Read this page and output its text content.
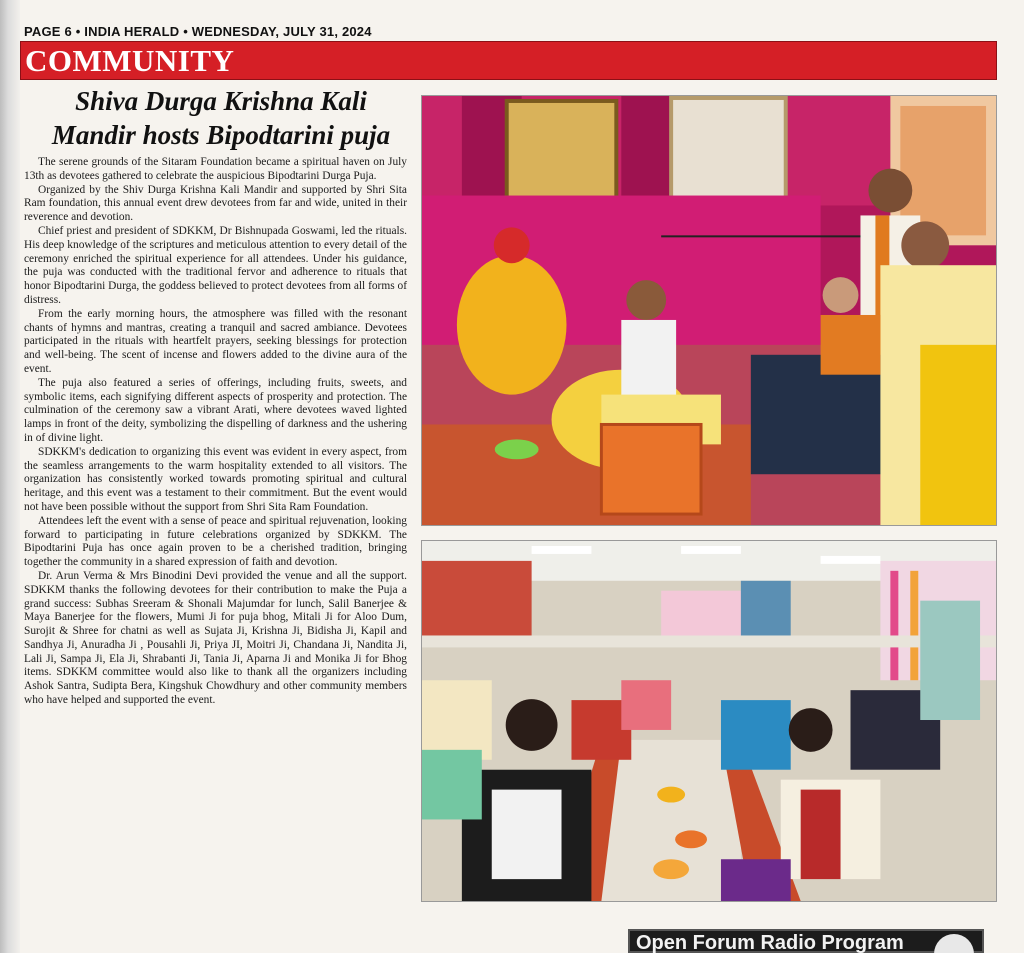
PAGE 6 • INDIA HERALD • WEDNESDAY, JULY 31, 2024
COMMUNITY
Shiva Durga Krishna Kali
Mandir hosts Bipodtarini puja

The serene grounds of the Sitaram Foundation became a spiritual haven on July 13th as devotees gathered to celebrate the auspicious Bipodtarini Durga Puja.

Organized by the Shiv Durga Krishna Kali Mandir and supported by Shri Sita Ram foundation, this annual event drew devotees from far and wide, united in their reverence and devotion.

Chief priest and president of SDKKM, Dr Bishnupada Goswami, led the rituals. His deep knowledge of the scriptures and meticulous attention to every detail of the ceremony enriched the spiritual experience for all attendees. Under his guidance, the puja was conducted with the traditional fervor and adherence to rituals that honor Bipodtarini Durga, the goddess believed to protect devotees from all forms of distress.

From the early morning hours, the atmosphere was filled with the resonant chants of hymns and mantras, creating a tranquil and sacred ambiance. Devotees participated in the rituals with heartfelt prayers, seeking blessings for protection and well-being. The scent of incense and flowers added to the divine aura of the event.

The puja also featured a series of offerings, including fruits, sweets, and symbolic items, each signifying different aspects of prosperity and protection. The culmination of the ceremony saw a vibrant Arati, where devotees waved lighted lamps in front of the deity, symbolizing the dispelling of darkness and the ushering in of divine light.

SDKKM's dedication to organizing this event was evident in every aspect, from the seamless arrangements to the warm hospitality extended to all visitors. The organization has consistently worked towards promoting spiritual and cultural heritage, and this event was a testament to their commitment. But the event would not have been possible without the support from Shri Sita Ram Foundation.

Attendees left the event with a sense of peace and spiritual rejuvenation, looking forward to participating in future celebrations organized by SDKKM. The Bipodtarini Puja has once again proven to be a cherished tradition, bringing together the community in a shared expression of faith and devotion.

Dr. Arun Verma & Mrs Binodini Devi provided the venue and all the support. SDKKM thanks the following devotees for their contribution to make the Puja a grand success: Subhas Sreeram & Shonali Majumdar for lunch, Salil Banerjee & Maya Banerjee for the flowers, Mumi Ji for puja bhog, Mitali Ji for Aloo Dum, Surojit & Shree for chatni as well as Sujata Ji, Krishna Ji, Bidisha Ji, Kapil and Sandhya Ji, Anuradha Ji , Pousahli Ji, Priya JI, Moitri Ji, Chandana Ji, Nandita Ji, Lali Ji, Sampa Ji, Ela Ji, Shrabanti Ji, Tania Ji, Aparna Ji and Monika Ji for Bhog items. SDKKM committee would also like to thank all the organizers including Ashok Santra, Sudipta Bera, Kingshuk Chowdhury and other community members who have helped and supported the event.

Open Forum Radio Program
